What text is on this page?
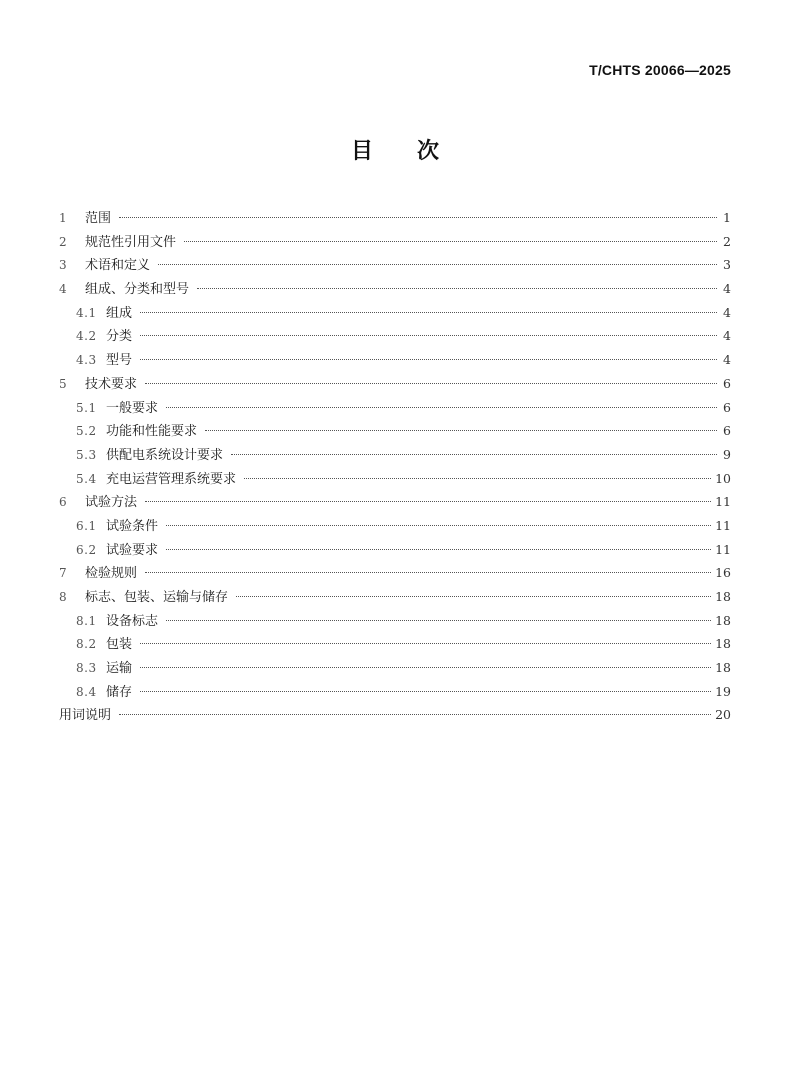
T/CHTS 20066—2025
目 次
1	范围	1
2	规范性引用文件	2
3	术语和定义	3
4	组成、分类和型号	4
4.1 组成	4
4.2 分类	4
4.3 型号	4
5	技术要求	6
5.1 一般要求	6
5.2 功能和性能要求	6
5.3 供配电系统设计要求	9
5.4 充电运营管理系统要求	10
6	试验方法	11
6.1 试验条件	11
6.2 试验要求	11
7	检验规则	16
8	标志、包装、运输与储存	18
8.1 设备标志	18
8.2 包装	18
8.3 运输	18
8.4 储存	19
用词说明	20
